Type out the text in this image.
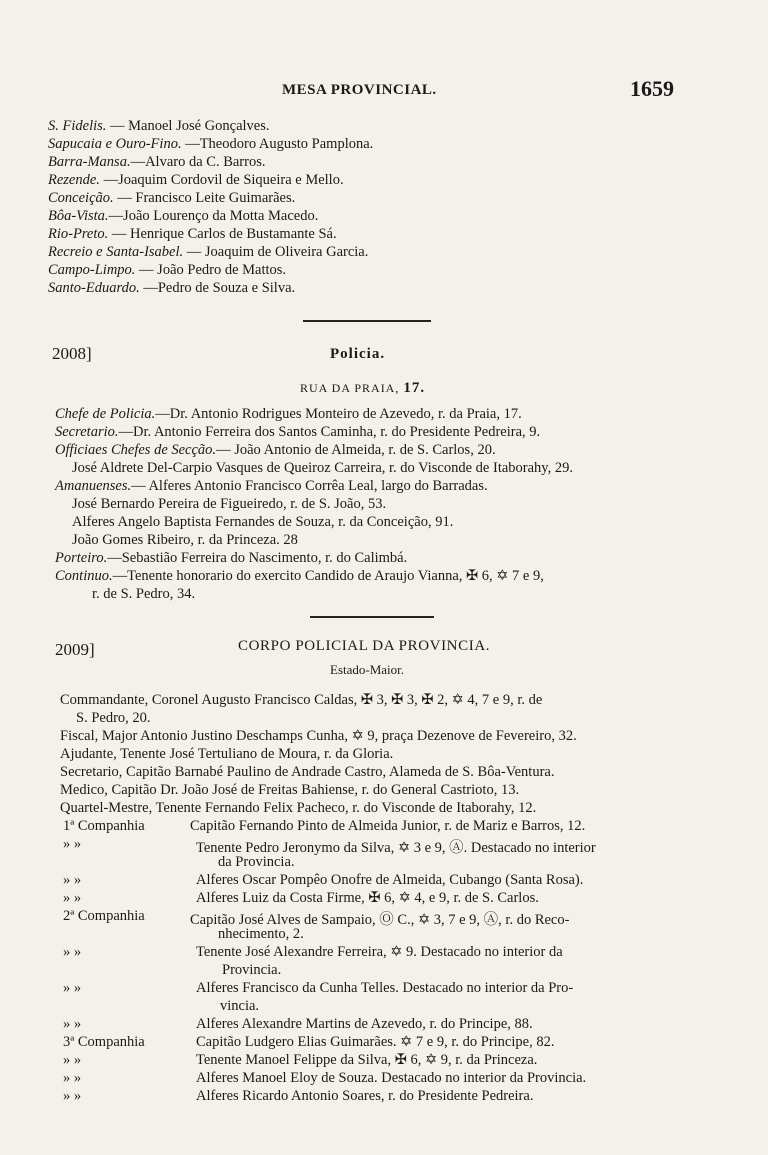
MESA PROVINCIAL.	1659
S. Fidelis. — Manoel José Gonçalves.
Sapucaia e Ouro-Fino. —Theodoro Augusto Pamplona.
Barra-Mansa.—Alvaro da C. Barros.
Rezende. —Joaquim Cordovil de Siqueira e Mello.
Conceição. — Francisco Leite Guimarães.
Bôa-Vista.—João Lourenço da Motta Macedo.
Rio-Preto. — Henrique Carlos de Bustamante Sá.
Recreio e Santa-Isabel. — Joaquim de Oliveira Garcia.
Campo-Limpo. — João Pedro de Mattos.
Santo-Eduardo. —Pedro de Souza e Silva.
2008]	Policia.
RUA DA PRAIA, 17.
Chefe de Policia.—Dr. Antonio Rodrigues Monteiro de Azevedo, r. da Praia, 17.
Secretario.—Dr. Antonio Ferreira dos Santos Caminha, r. do Presidente Pedreira, 9.
Officiaes Chefes de Secção.— João Antonio de Almeida, r. de S. Carlos, 20.
José Aldrete Del-Carpio Vasques de Queiroz Carreira, r. do Visconde de Itaborahy, 29.
Amanuenses.— Alferes Antonio Francisco Corrêa Leal, largo do Barradas.
José Bernardo Pereira de Figueiredo, r. de S. João, 53.
Alferes Angelo Baptista Fernandes de Souza, r. da Conceição, 91.
João Gomes Ribeiro, r. da Princeza. 28
Porteiro.—Sebastião Ferreira do Nascimento, r. do Calimbá.
Continuo.—Tenente honorario do exercito Candido de Araujo Vianna, ✠ 6, ✡ 7 e 9,
r. de S. Pedro, 34.
2009]	CORPO POLICIAL DA PROVINCIA.
Estado-Maior.
Commandante, Coronel Augusto Francisco Caldas, ✠ 3, ✠ 3, ✠ 2, ✡ 4, 7 e 9, r. de
S. Pedro, 20.
Fiscal, Major Antonio Justino Deschamps Cunha, ✡ 9, praça Dezenove de Fevereiro, 32.
Ajudante, Tenente José Tertuliano de Moura, r. da Gloria.
Secretario, Capitão Barnabé Paulino de Andrade Castro, Alameda de S. Bôa-Ventura.
Medico, Capitão Dr. João José de Freitas Bahiense, r. do General Castrioto, 13.
Quartel-Mestre, Tenente Fernando Felix Pacheco, r. do Visconde de Itaborahy, 12.
1ª Companhia	Capitão Fernando Pinto de Almeida Junior, r. de Mariz e Barros, 12.
» »	Tenente Pedro Jeronymo da Silva, ✡ 3 e 9, Ⓐ. Destacado no interior
da Provincia.
» »	Alferes Oscar Pompêo Onofre de Almeida, Cubango (Santa Rosa).
» »	Alferes Luiz da Costa Firme, ✠ 6, ✡ 4, e 9, r. de S. Carlos.
2ª Companhia	Capitão José Alves de Sampaio, Ⓞ C., ✡ 3, 7 e 9, Ⓐ, r. do Reco-
nhecimento, 2.
» »	Tenente José Alexandre Ferreira, ✡ 9. Destacado no interior da
Provincia.
» »	Alferes Francisco da Cunha Telles. Destacado no interior da Pro-
vincia.
» »	Alferes Alexandre Martins de Azevedo, r. do Principe, 88.
3ª Companhia	Capitão Ludgero Elias Guimarães. ✡ 7 e 9, r. do Principe, 82.
» »	Tenente Manoel Felippe da Silva, ✠ 6, ✡ 9, r. da Princeza.
» »	Alferes Manoel Eloy de Souza. Destacado no interior da Provincia.
» »	Alferes Ricardo Antonio Soares, r. do Presidente Pedreira.
